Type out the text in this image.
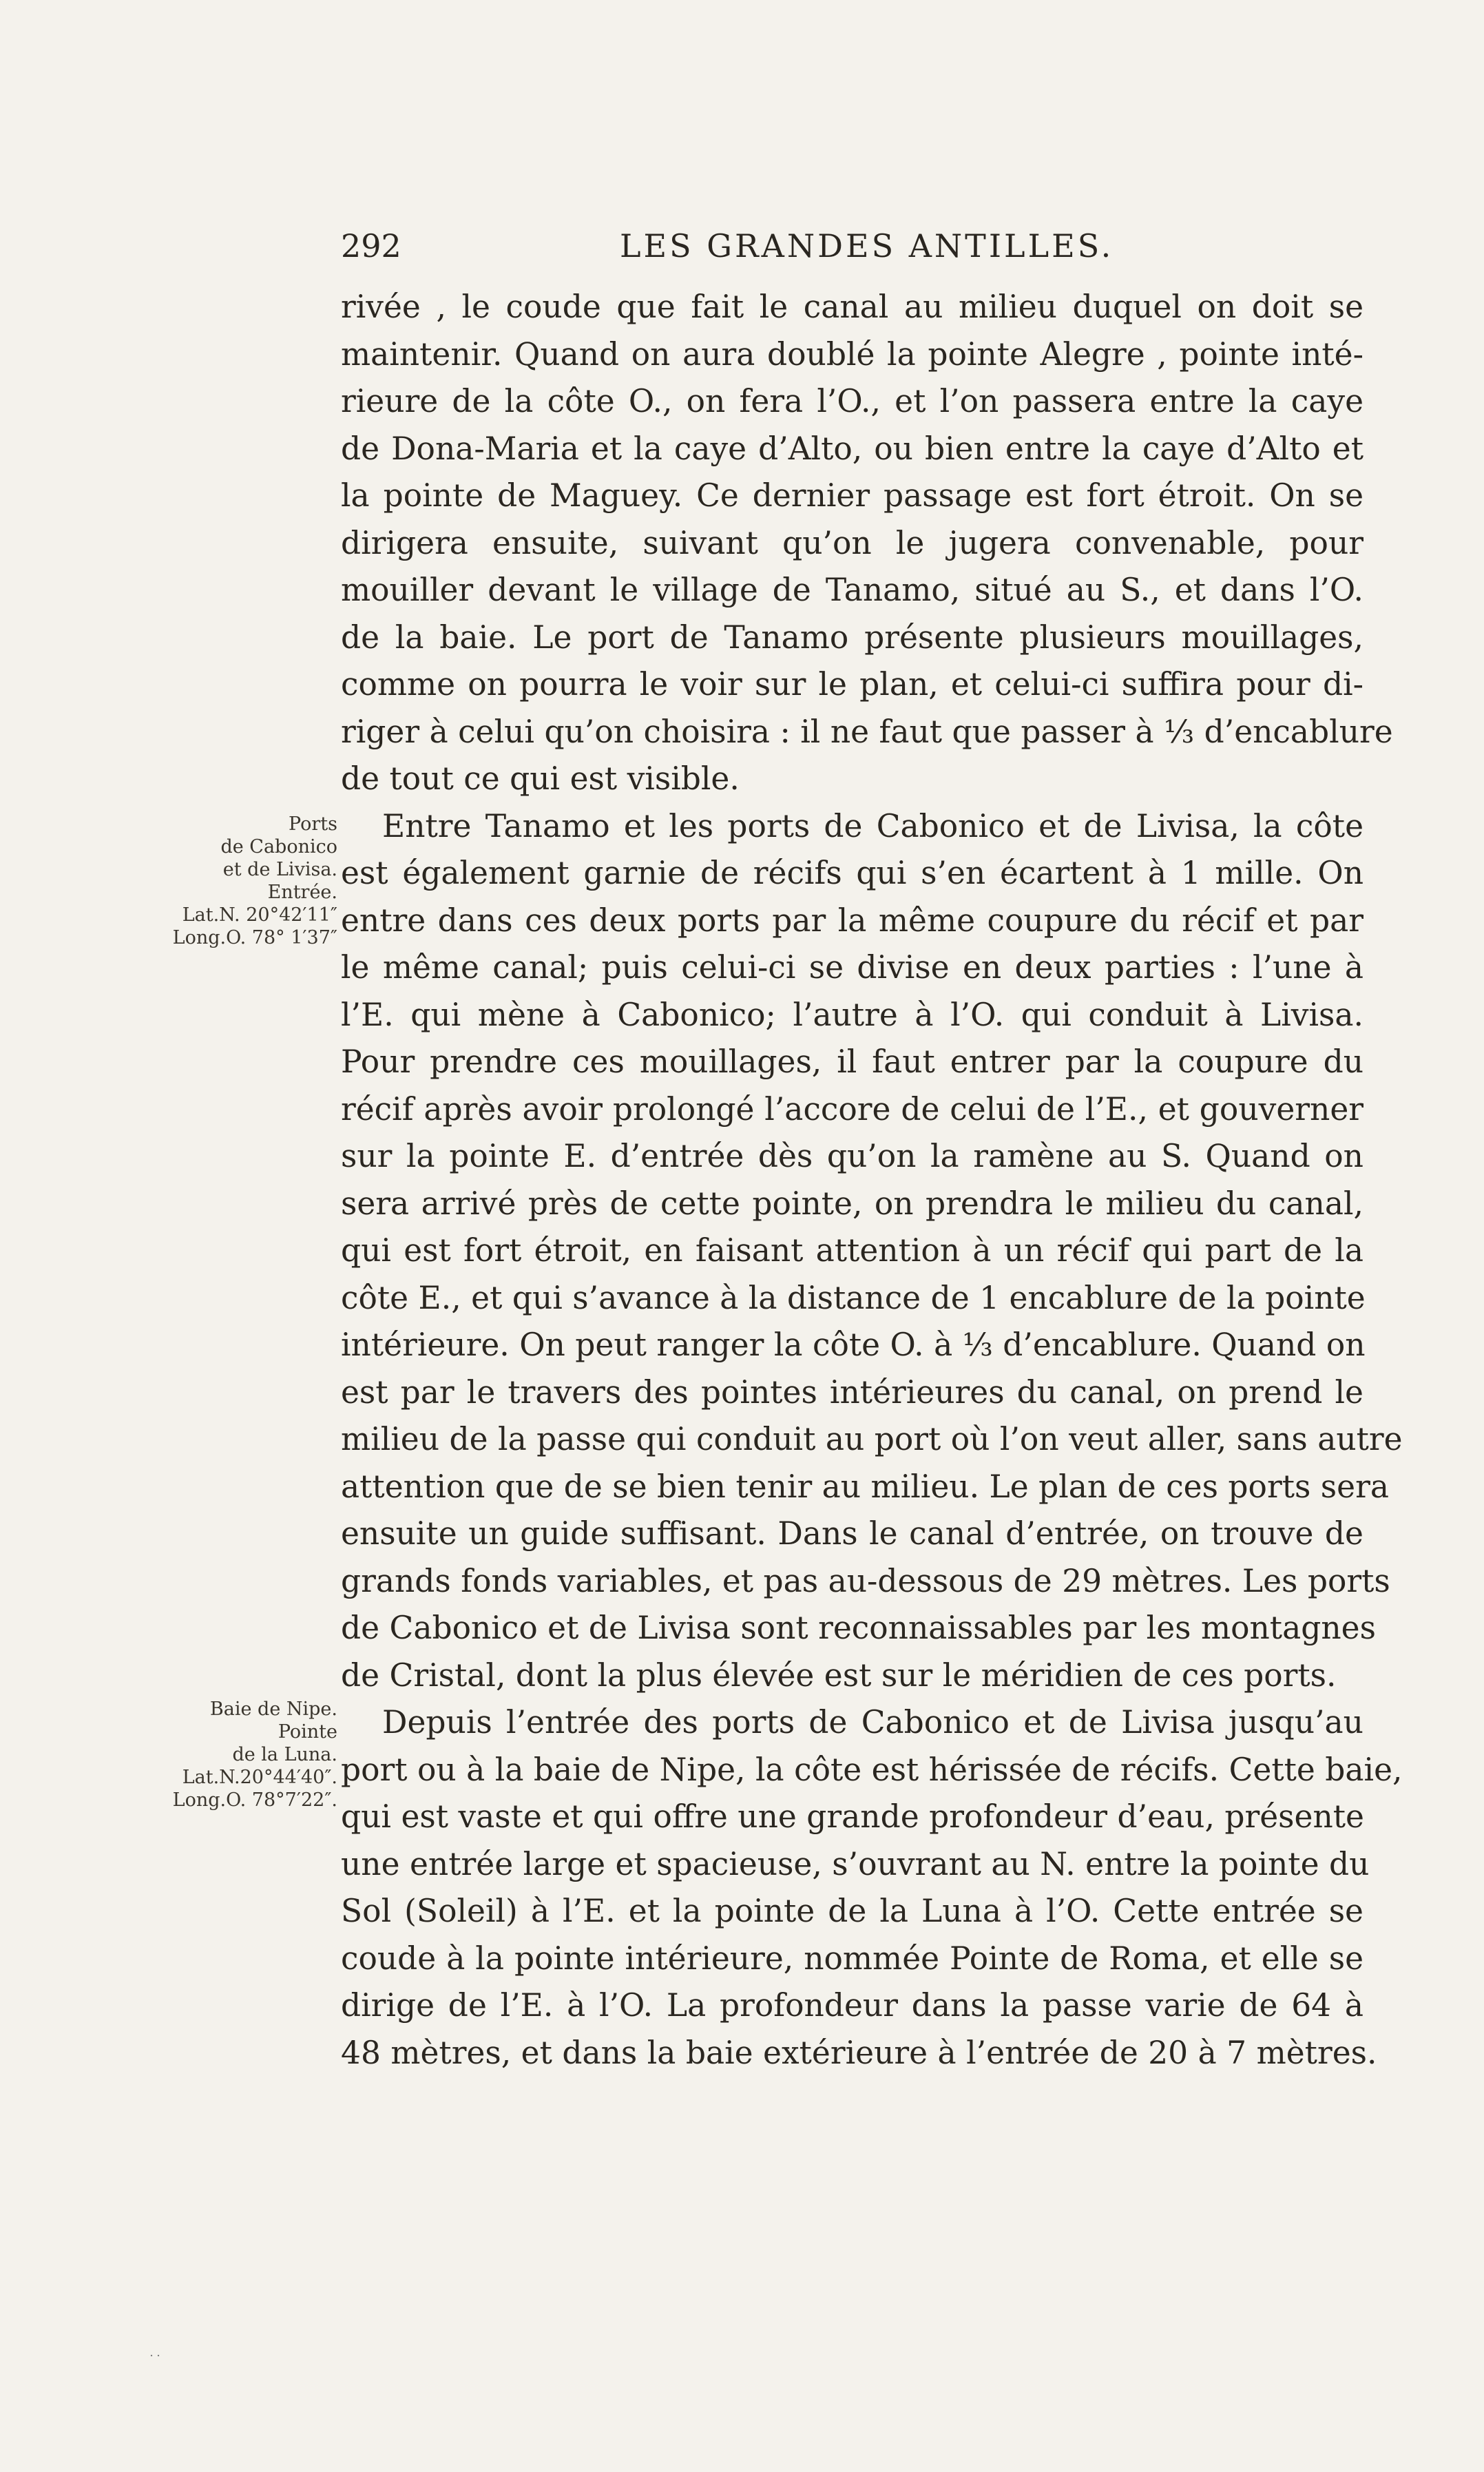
292	LES GRANDES ANTILLES.
rivée , le coude que fait le canal au milieu duquel on doit se
maintenir. Quand on aura doublé la pointe Alegre , pointe inté-
rieure de la côte O., on fera l’O., et l’on passera entre la caye
de Dona-Maria et la caye d’Alto, ou bien entre la caye d’Alto et
la pointe de Maguey. Ce dernier passage est fort étroit. On se
dirigera ensuite, suivant qu’on le jugera convenable, pour
mouiller devant le village de Tanamo, situé au S., et dans l’O.
de la baie. Le port de Tanamo présente plusieurs mouillages,
comme on pourra le voir sur le plan, et celui-ci suffira pour di-
riger à celui qu’on choisira : il ne faut que passer à ⅓ d’encablure
de tout ce qui est visible.
Entre Tanamo et les ports de Cabonico et de Livisa, la côte
est également garnie de récifs qui s’en écartent à 1 mille. On
entre dans ces deux ports par la même coupure du récif et par
le même canal; puis celui-ci se divise en deux parties : l’une à
l’E. qui mène à Cabonico; l’autre à l’O. qui conduit à Livisa.
Pour prendre ces mouillages, il faut entrer par la coupure du
récif après avoir prolongé l’accore de celui de l’E., et gouverner
sur la pointe E. d’entrée dès qu’on la ramène au S. Quand on
sera arrivé près de cette pointe, on prendra le milieu du canal,
qui est fort étroit, en faisant attention à un récif qui part de la
côte E., et qui s’avance à la distance de 1 encablure de la pointe
intérieure. On peut ranger la côte O. à ⅓ d’encablure. Quand on
est par le travers des pointes intérieures du canal, on prend le
milieu de la passe qui conduit au port où l’on veut aller, sans autre
attention que de se bien tenir au milieu. Le plan de ces ports sera
ensuite un guide suffisant. Dans le canal d’entrée, on trouve de
grands fonds variables, et pas au-dessous de 29 mètres. Les ports
de Cabonico et de Livisa sont reconnaissables par les montagnes
de Cristal, dont la plus élevée est sur le méridien de ces ports.
Depuis l’entrée des ports de Cabonico et de Livisa jusqu’au
port ou à la baie de Nipe, la côte est hérissée de récifs. Cette baie,
qui est vaste et qui offre une grande profondeur d’eau, présente
une entrée large et spacieuse, s’ouvrant au N. entre la pointe du
Sol (Soleil) à l’E. et la pointe de la Luna à l’O. Cette entrée se
coude à la pointe intérieure, nommée Pointe de Roma, et elle se
dirige de l’E. à l’O. La profondeur dans la passe varie de 64 à
48 mètres, et dans la baie extérieure à l’entrée de 20 à 7 mètres.
Ports
de Cabonico
et de Livisa.
Entrée.
Lat.N. 20°42′11″
Long.O. 78° 1′37″
Baie de Nipe.
Pointe
de la Luna.
Lat.N.20°44′40″.
Long.O. 78°7′22″.
˙˙
